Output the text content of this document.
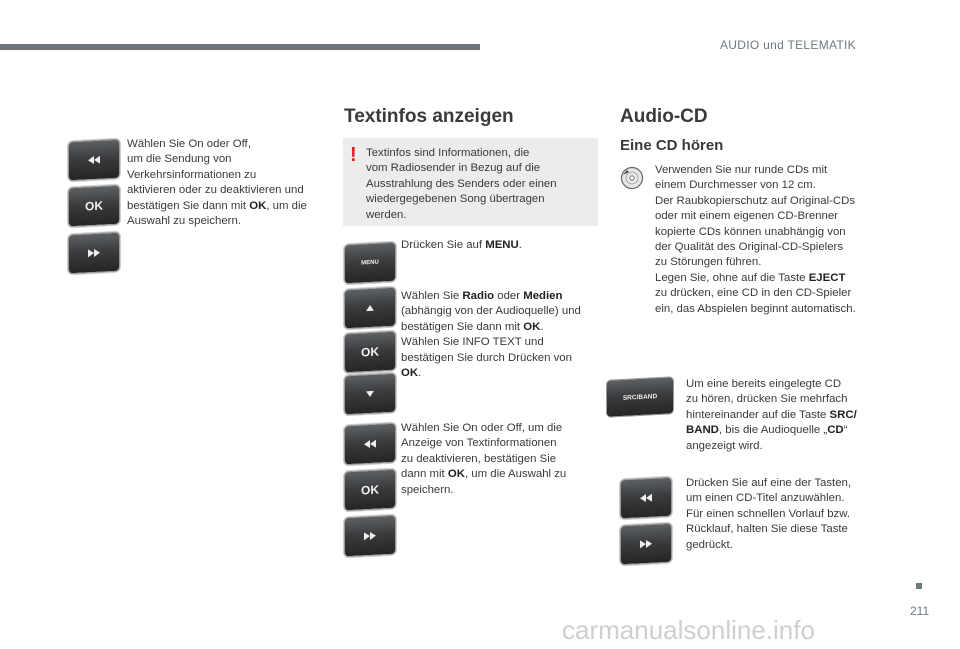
AUDIO und TELEMATIK
OK
Wählen Sie On oder Off,
um die Sendung von
Verkehrsinformationen zu
aktivieren oder zu deaktivieren und
bestätigen Sie dann mit OK, um die
Auswahl zu speichern.
Textinfos anzeigen
! Textinfos sind Informationen, die
vom Radiosender in Bezug auf die
Ausstrahlung des Senders oder einen
wiedergegebenen Song übertragen
werden.
MENU
Drücken Sie auf MENU.
OK
Wählen Sie Radio oder Medien
(abhängig von der Audioquelle) und
bestätigen Sie dann mit OK.
Wählen Sie INFO TEXT und
bestätigen Sie durch Drücken von
OK.
OK
Wählen Sie On oder Off, um die
Anzeige von Textinformationen
zu deaktivieren, bestätigen Sie
dann mit OK, um die Auswahl zu
speichern.
Audio-CD
Eine CD hören
Verwenden Sie nur runde CDs mit
einem Durchmesser von 12 cm.
Der Raubkopierschutz auf Original-CDs
oder mit einem eigenen CD-Brenner
kopierte CDs können unabhängig von
der Qualität des Original-CD-Spielers
zu Störungen führen.
Legen Sie, ohne auf die Taste EJECT
zu drücken, eine CD in den CD-Spieler
ein, das Abspielen beginnt automatisch.
SRC/BAND
Um eine bereits eingelegte CD
zu hören, drücken Sie mehrfach
hintereinander auf die Taste SRC/
BAND, bis die Audioquelle „CD“
angezeigt wird.
Drücken Sie auf eine der Tasten,
um einen CD-Titel anzuwählen.
Für einen schnellen Vorlauf bzw.
Rücklauf, halten Sie diese Taste
gedrückt.
211
carmanualsonline.info
